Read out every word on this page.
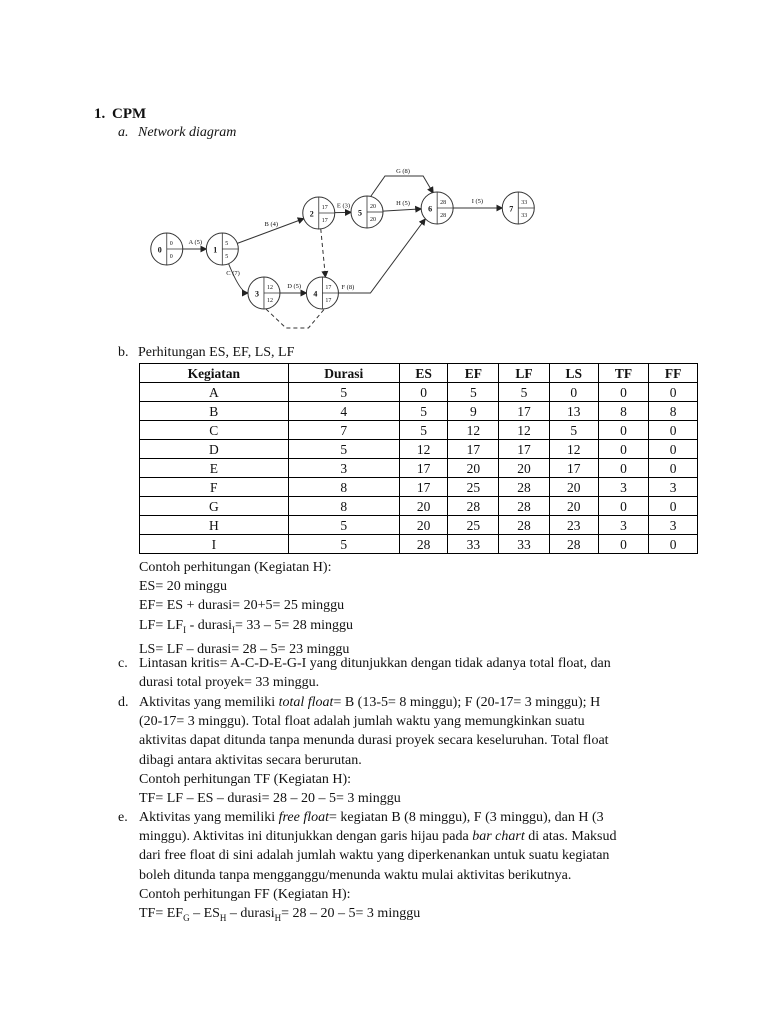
1. CPM
a. Network diagram
0
0
0
1
5
5
2
17
17
3
12
12
4
17
17
5
20
20
6
28
28
7
33
33
A (5)
B (4)
C (7)
D (5)
E (3)
F (8)
G (8)
H (5)	I (5)
b. Perhitungan ES, EF, LS, LF
Kegiatan	Durasi	ES	EF	LF	LS	TF	FF
A	5	0	5	5	0	0	0
B	4	5	9	17	13	8	8
C	7	5	12	12	5	0	0
D	5	12	17	17	12	0	0
E	3	17	20	20	17	0	0
F	8	17	25	28	20	3	3
G	8	20	28	28	20	0	0
H	5	20	25	28	23	3	3
I	5	28	33	33	28	0	0
Contoh perhitungan (Kegiatan H):
ES= 20 minggu
EF= ES + durasi= 20+5= 25 minggu
$LF= LF_I$ - durasi$_I$= 33 – 5= 28 minggu
LS= LF – durasi= 28 – 5= 23 minggu
c. Lintasan kritis= A-C-D-E-G-I yang ditunjukkan dengan tidak adanya total float, dan
durasi total proyek= 33 minggu.
d. Aktivitas yang memiliki total float= B (13-5= 8 minggu); F (20-17= 3 minggu); H
(20-17= 3 minggu). Total float adalah jumlah waktu yang memungkinkan suatu
aktivitas dapat ditunda tanpa menunda durasi proyek secara keseluruhan. Total float
dibagi antara aktivitas secara berurutan.
Contoh perhitungan TF (Kegiatan H):
TF= LF – ES – durasi= 28 – 20 – 5= 3 minggu
e. Aktivitas yang memiliki free float= kegiatan B (8 minggu), F (3 minggu), dan H (3
minggu). Aktivitas ini ditunjukkan dengan garis hijau pada bar chart di atas. Maksud
dari free float di sini adalah jumlah waktu yang diperkenankan untuk suatu kegiatan
boleh ditunda tanpa mengganggu/menunda waktu mulai aktivitas berikutnya.
Contoh perhitungan FF (Kegiatan H):
$TF= EF_G - ES_H$ – durasi$_H$= 28 – 20 – 5= 3 minggu
